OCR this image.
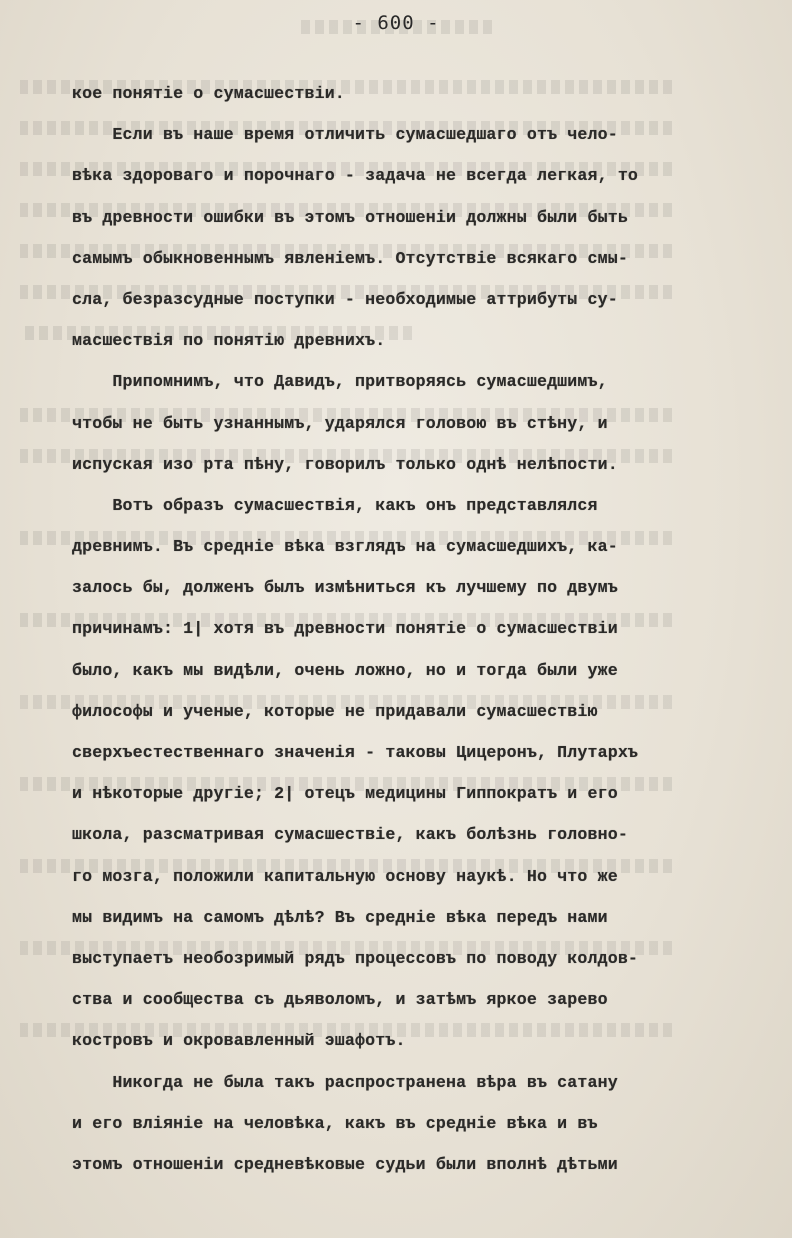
- 600 -
кое понятіе о сумасшествіи.
Если въ наше время отличить сумасшедшаго отъ чело-
вѣка здороваго и порочнаго - задача не всегда легкая, то
въ древности ошибки въ этомъ отношеніи должны были быть
самымъ обыкновеннымъ явленіемъ. Отсутствіе всякаго смы-
сла, безразсудные поступки - необходимые аттрибуты су-
масшествія по понятію древнихъ.
Припомнимъ, что Давидъ, притворяясь сумасшедшимъ,
чтобы не быть узнаннымъ, ударялся головою въ стѣну, и
испуская изо рта пѣну, говорилъ только однѣ нелѣпости.
Вотъ образъ сумасшествія, какъ онъ представлялся
древнимъ. Въ средніе вѣка взглядъ на сумасшедшихъ, ка-
залось бы, долженъ былъ измѣниться къ лучшему по двумъ
причинамъ: 1| хотя въ древности понятіе о сумасшествіи
было, какъ мы видѣли, очень ложно, но и тогда были уже
философы и ученые, которые не придавали сумасшествію
сверхъестественнаго значенія - таковы Цицеронъ, Плутархъ
и нѣкоторые другіе; 2| отецъ медицины Гиппократъ и его
школа, разсматривая сумасшествіе, какъ болѣзнь головно-
го мозга, положили капитальную основу наукѣ. Но что же
мы видимъ на самомъ дѣлѣ? Въ средніе вѣка передъ нами
выступаетъ необозримый рядъ процессовъ по поводу колдов-
ства и сообщества съ дьяволомъ, и затѣмъ яркое зарево
костровъ и окровавленный эшафотъ.
Никогда не была такъ распространена вѣра въ сатану
и его вліяніе на человѣка, какъ въ средніе вѣка и въ
этомъ отношеніи средневѣковые судьи были вполнѣ дѣтьми
